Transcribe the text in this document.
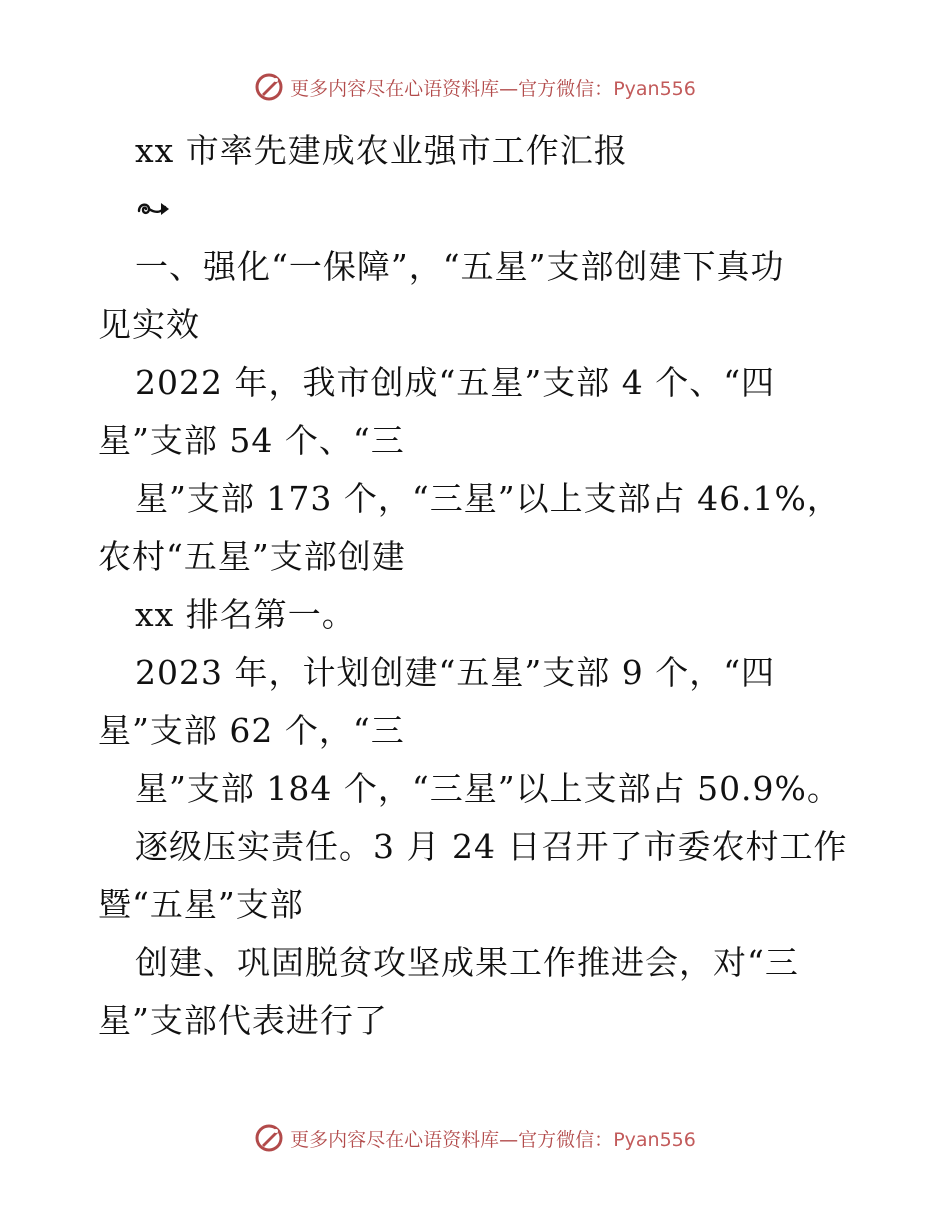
更多内容尽在心语资料库—官方微信：Pyan556
xx 市率先建成农业强市工作汇报
一、强化“一保障”，“五星”支部创建下真功
见实效
2022 年，我市创成“五星”支部 4 个、“四
星”支部 54 个、“三
星”支部 173 个，“三星”以上支部占 46.1%，
农村“五星”支部创建
xx 排名第一。
2023 年，计划创建“五星”支部 9 个，“四
星”支部 62 个，“三
星”支部 184 个，“三星”以上支部占 50.9%。
逐级压实责任。3 月 24 日召开了市委农村工作
暨“五星”支部
创建、巩固脱贫攻坚成果工作推进会，对“三
星”支部代表进行了
更多内容尽在心语资料库—官方微信：Pyan556
